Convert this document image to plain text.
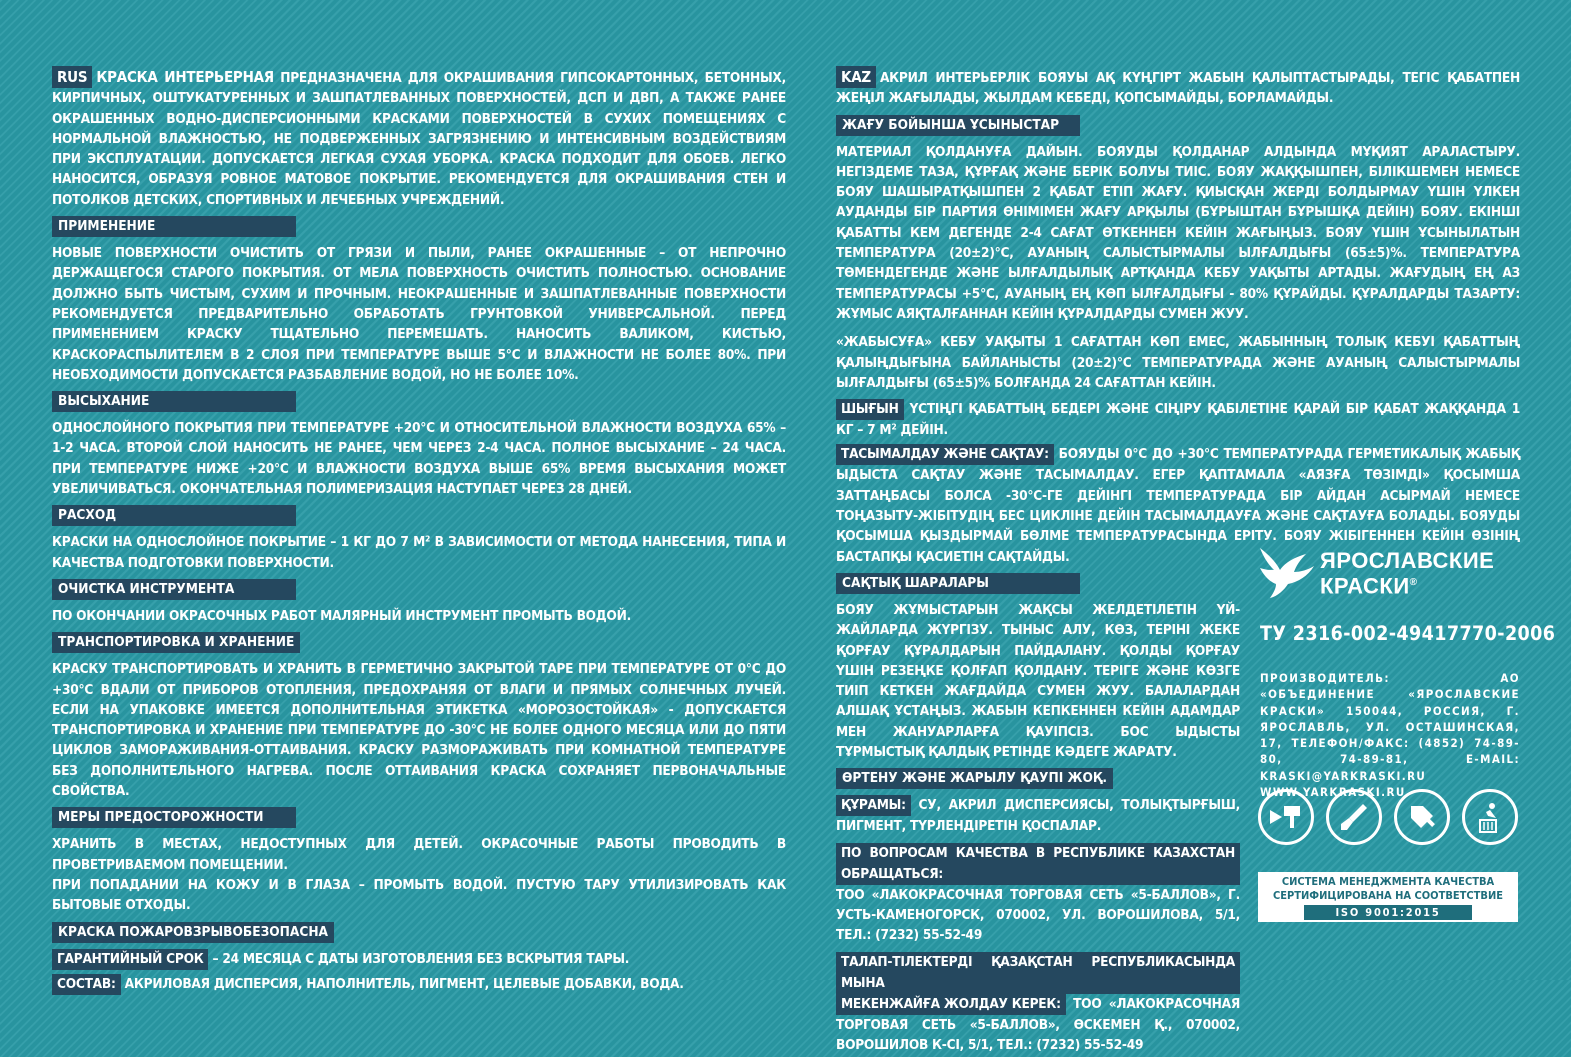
RUS КРАСКА ИНТЕРЬЕРНАЯ ПРЕДНАЗНАЧЕНА ДЛЯ ОКРАШИВАНИЯ ГИПСОКАРТОННЫХ, БЕТОННЫХ, КИРПИЧНЫХ, ОШТУКАТУРЕННЫХ И ЗАШПАТЛЕВАННЫХ ПОВЕРХНОСТЕЙ, ДСП И ДВП, А ТАКЖЕ РАНЕЕ ОКРАШЕННЫХ ВОДНО-ДИСПЕРСИОННЫМИ КРАСКАМИ ПОВЕРХНОСТЕЙ В СУХИХ ПОМЕЩЕНИЯХ С НОРМАЛЬНОЙ ВЛАЖНОСТЬЮ, НЕ ПОДВЕРЖЕННЫХ ЗАГРЯЗНЕНИЮ И ИНТЕНСИВНЫМ ВОЗДЕЙСТВИЯМ ПРИ ЭКСПЛУАТАЦИИ. ДОПУСКАЕТСЯ ЛЕГКАЯ СУХАЯ УБОРКА. КРАСКА ПОДХОДИТ ДЛЯ ОБОЕВ. ЛЕГКО НАНОСИТСЯ, ОБРАЗУЯ РОВНОЕ МАТОВОЕ ПОКРЫТИЕ. РЕКОМЕНДУЕТСЯ ДЛЯ ОКРАШИВАНИЯ СТЕН И ПОТОЛКОВ ДЕТСКИХ, СПОРТИВНЫХ И ЛЕЧЕБНЫХ УЧРЕЖДЕНИЙ.

ПРИМЕНЕНИЕ

НОВЫЕ ПОВЕРХНОСТИ ОЧИСТИТЬ ОТ ГРЯЗИ И ПЫЛИ, РАНЕЕ ОКРАШЕННЫЕ – ОТ НЕПРОЧНО ДЕРЖАЩЕГОСЯ СТАРОГО ПОКРЫТИЯ. ОТ МЕЛА ПОВЕРХНОСТЬ ОЧИСТИТЬ ПОЛНОСТЬЮ. ОСНОВАНИЕ ДОЛЖНО БЫТЬ ЧИСТЫМ, СУХИМ И ПРОЧНЫМ. НЕОКРАШЕННЫЕ И ЗАШПАТЛЕВАННЫЕ ПОВЕРХНОСТИ РЕКОМЕНДУЕТСЯ ПРЕДВАРИТЕЛЬНО ОБРАБОТАТЬ ГРУНТОВКОЙ УНИВЕРСАЛЬНОЙ. ПЕРЕД ПРИМЕНЕНИЕМ КРАСКУ ТЩАТЕЛЬНО ПЕРЕМЕШАТЬ. НАНОСИТЬ ВАЛИКОМ, КИСТЬЮ, КРАСКОРАСПЫЛИТЕЛЕМ В 2 СЛОЯ ПРИ ТЕМПЕРАТУРЕ ВЫШЕ 5°С И ВЛАЖНОСТИ НЕ БОЛЕЕ 80%. ПРИ НЕОБХОДИМОСТИ ДОПУСКАЕТСЯ РАЗБАВЛЕНИЕ ВОДОЙ, НО НЕ БОЛЕЕ 10%.

ВЫСЫХАНИЕ

ОДНОСЛОЙНОГО ПОКРЫТИЯ ПРИ ТЕМПЕРАТУРЕ +20°С И ОТНОСИТЕЛЬНОЙ ВЛАЖНОСТИ ВОЗДУХА 65% – 1-2 ЧАСА. ВТОРОЙ СЛОЙ НАНОСИТЬ НЕ РАНЕЕ, ЧЕМ ЧЕРЕЗ 2-4 ЧАСА. ПОЛНОЕ ВЫСЫХАНИЕ – 24 ЧАСА. ПРИ ТЕМПЕРАТУРЕ НИЖЕ +20°С И ВЛАЖНОСТИ ВОЗДУХА ВЫШЕ 65% ВРЕМЯ ВЫСЫХАНИЯ МОЖЕТ УВЕЛИЧИВАТЬСЯ. ОКОНЧАТЕЛЬНАЯ ПОЛИМЕРИЗАЦИЯ НАСТУПАЕТ ЧЕРЕЗ 28 ДНЕЙ.

РАСХОД

КРАСКИ НА ОДНОСЛОЙНОЕ ПОКРЫТИЕ – 1 КГ ДО 7 М² В ЗАВИСИМОСТИ ОТ МЕТОДА НАНЕСЕНИЯ, ТИПА И КАЧЕСТВА ПОДГОТОВКИ ПОВЕРХНОСТИ.

ОЧИСТКА ИНСТРУМЕНТА

ПО ОКОНЧАНИИ ОКРАСОЧНЫХ РАБОТ МАЛЯРНЫЙ ИНСТРУМЕНТ ПРОМЫТЬ ВОДОЙ.

ТРАНСПОРТИРОВКА И ХРАНЕНИЕ

КРАСКУ ТРАНСПОРТИРОВАТЬ И ХРАНИТЬ В ГЕРМЕТИЧНО ЗАКРЫТОЙ ТАРЕ ПРИ ТЕМПЕРАТУРЕ ОТ 0°С ДО +30°С ВДАЛИ ОТ ПРИБОРОВ ОТОПЛЕНИЯ, ПРЕДОХРАНЯЯ ОТ ВЛАГИ И ПРЯМЫХ СОЛНЕЧНЫХ ЛУЧЕЙ. ЕСЛИ НА УПАКОВКЕ ИМЕЕТСЯ ДОПОЛНИТЕЛЬНАЯ ЭТИКЕТКА «МОРОЗОСТОЙКАЯ» - ДОПУСКАЕТСЯ ТРАНСПОРТИРОВКА И ХРАНЕНИЕ ПРИ ТЕМПЕРАТУРЕ ДО -30°С НЕ БОЛЕЕ ОДНОГО МЕСЯЦА ИЛИ ДО ПЯТИ ЦИКЛОВ ЗАМОРАЖИВАНИЯ-ОТТАИВАНИЯ. КРАСКУ РАЗМОРАЖИВАТЬ ПРИ КОМНАТНОЙ ТЕМПЕРАТУРЕ БЕЗ ДОПОЛНИТЕЛЬНОГО НАГРЕВА. ПОСЛЕ ОТТАИВАНИЯ КРАСКА СОХРАНЯЕТ ПЕРВОНАЧАЛЬНЫЕ СВОЙСТВА.

МЕРЫ ПРЕДОСТОРОЖНОСТИ

ХРАНИТЬ В МЕСТАХ, НЕДОСТУПНЫХ ДЛЯ ДЕТЕЙ. ОКРАСОЧНЫЕ РАБОТЫ ПРОВОДИТЬ В ПРОВЕТРИВАЕМОМ ПОМЕЩЕНИИ.

ПРИ ПОПАДАНИИ НА КОЖУ И В ГЛАЗА – ПРОМЫТЬ ВОДОЙ. ПУСТУЮ ТАРУ УТИЛИЗИРОВАТЬ КАК БЫТОВЫЕ ОТХОДЫ.

КРАСКА ПОЖАРОВЗРЫВОБЕЗОПАСНА

ГАРАНТИЙНЫЙ СРОК – 24 МЕСЯЦА С ДАТЫ ИЗГОТОВЛЕНИЯ БЕЗ ВСКРЫТИЯ ТАРЫ.

СОСТАВ: АКРИЛОВАЯ ДИСПЕРСИЯ, НАПОЛНИТЕЛЬ, ПИГМЕНТ, ЦЕЛЕВЫЕ ДОБАВКИ, ВОДА.

KAZ АКРИЛ ИНТЕРЬЕРЛІК БОЯУЫ АҚ КҮҢГІРТ ЖАБЫН ҚАЛЫПТАСТЫРАДЫ, ТЕГІС ҚАБАТПЕН ЖЕҢІЛ ЖАҒЫЛАДЫ, ЖЫЛДАМ КЕБЕДІ, ҚОПСЫМАЙДЫ, БОРЛАМАЙДЫ.

ЖАҒУ БОЙЫНША ҰСЫНЫСТАР

МАТЕРИАЛ ҚОЛДАНУҒА ДАЙЫН. БОЯУДЫ ҚОЛДАНАР АЛДЫНДА МҰҚИЯТ АРАЛАСТЫРУ. НЕГІЗДЕМЕ ТАЗА, ҚҰРҒАҚ ЖӘНЕ БЕРІК БОЛУЫ ТИІС. БОЯУ ЖАҚҚЫШПЕН, БІЛІКШЕМЕН НЕМЕСЕ БОЯУ ШАШЫРАТҚЫШПЕН 2 ҚАБАТ ЕТІП ЖАҒУ. ҚИЫСҚАН ЖЕРДІ БОЛДЫРМАУ ҮШІН ҮЛКЕН АУДАНДЫ БІР ПАРТИЯ ӨНІМІМЕН ЖАҒУ АРҚЫЛЫ (БҰРЫШТАН БҰРЫШҚА ДЕЙІН) БОЯУ. ЕКІНШІ ҚАБАТТЫ КЕМ ДЕГЕНДЕ 2-4 САҒАТ ӨТКЕННЕН КЕЙІН ЖАҒЫҢЫЗ. БОЯУ ҮШІН ҰСЫНЫЛАТЫН ТЕМПЕРАТУРА (20±2)°С, АУАНЫҢ САЛЫСТЫРМАЛЫ ЫЛҒАЛДЫҒЫ (65±5)%. ТЕМПЕРАТУРА ТӨМЕНДЕГЕНДЕ ЖӘНЕ ЫЛҒАЛДЫЛЫҚ АРТҚАНДА КЕБУ УАҚЫТЫ АРТАДЫ. ЖАҒУДЫҢ ЕҢ АЗ ТЕМПЕРАТУРАСЫ +5°С, АУАНЫҢ ЕҢ КӨП ЫЛҒАЛДЫҒЫ - 80% ҚҰРАЙДЫ. ҚҰРАЛДАРДЫ ТАЗАРТУ: ЖҰМЫС АЯҚТАЛҒАННАН КЕЙІН ҚҰРАЛДАРДЫ СУМЕН ЖУУ.

«ЖАБЫСУҒА» КЕБУ УАҚЫТЫ 1 САҒАТТАН КӨП ЕМЕС, ЖАБЫННЫҢ ТОЛЫҚ КЕБУІ ҚАБАТТЫҢ ҚАЛЫҢДЫҒЫНА БАЙЛАНЫСТЫ (20±2)°С ТЕМПЕРАТУРАДА ЖӘНЕ АУАНЫҢ САЛЫСТЫРМАЛЫ ЫЛҒАЛДЫҒЫ (65±5)% БОЛҒАНДА 24 САҒАТТАН КЕЙІН.

ШЫҒЫН ҮСТІҢГІ ҚАБАТТЫҢ БЕДЕРІ ЖӘНЕ СІҢІРУ ҚАБІЛЕТІНЕ ҚАРАЙ БІР ҚАБАТ ЖАҚҚАНДА 1 КГ – 7 М² ДЕЙІН.

ТАСЫМАЛДАУ ЖӘНЕ САҚТАУ: БОЯУДЫ 0°С ДО +30°С ТЕМПЕРАТУРАДА ГЕРМЕТИКАЛЫҚ ЖАБЫҚ ЫДЫСТА САҚТАУ ЖӘНЕ ТАСЫМАЛДАУ. ЕГЕР ҚАПТАМАЛА «АЯЗҒА ТӨЗІМДІ» ҚОСЫМША ЗАТТАҢБАСЫ БОЛСА -30°С-ГЕ ДЕЙІНГІ ТЕМПЕРАТУРАДА БІР АЙДАН АСЫРМАЙ НЕМЕСЕ ТОҢАЗЫТУ-ЖІБІТУДІҢ БЕС ЦИКЛІНЕ ДЕЙІН ТАСЫМАЛДАУҒА ЖӘНЕ САҚТАУҒА БОЛАДЫ. БОЯУДЫ ҚОСЫМША ҚЫЗДЫРМАЙ БӨЛМЕ ТЕМПЕРАТУРАСЫНДА ЕРІТУ. БОЯУ ЖІБІГЕННЕН КЕЙІН ӨЗІНІҢ БАСТАПҚЫ ҚАСИЕТІН САҚТАЙДЫ.

САҚТЫҚ ШАРАЛАРЫ

БОЯУ ЖҰМЫСТАРЫН ЖАҚСЫ ЖЕЛДЕТІЛЕТІН ҮЙ-ЖАЙЛАРДА ЖҮРГІЗУ. ТЫНЫС АЛУ, КӨЗ, ТЕРIНI ЖЕКЕ ҚОРҒАУ ҚҰРАЛДАРЫН ПАЙДАЛАНУ. ҚОЛДЫ ҚОРҒАУ ҮШІН РЕЗЕҢКЕ ҚОЛҒАП ҚОЛДАНУ. ТЕРІГЕ ЖӘНЕ КӨЗГЕ ТИІП КЕТКЕН ЖАҒДАЙДА СУМЕН ЖУУ. БАЛАЛАРДАН АЛШАҚ ҰСТАҢЫЗ. ЖАБЫН КЕПКЕННЕН КЕЙІН АДАМДАР МЕН ЖАНУАРЛАРҒА ҚАУІПСІЗ. БОС ЫДЫСТЫ ТҰРМЫСТЫҚ ҚАЛДЫҚ РЕТІНДЕ КӘДЕГЕ ЖАРАТУ.

ӨРТЕНУ ЖӘНЕ ЖАРЫЛУ ҚАУПІ ЖОҚ.

ҚҰРАМЫ: СУ, АКРИЛ ДИСПЕРСИЯСЫ, ТОЛЫҚТЫРҒЫШ, ПИГМЕНТ, ТҮРЛЕНДІРЕТІН ҚОСПАЛАР.

ПО ВОПРОСАМ КАЧЕСТВА В РЕСПУБЛИКЕ КАЗАХСТАН ОБРАЩАТЬСЯ: ТОО «ЛАКОКРАСОЧНАЯ ТОРГОВАЯ СЕТЬ «5-БАЛЛОВ», Г. УСТЬ-КАМЕНОГОРСК, 070002, УЛ. ВОРОШИЛОВА, 5/1, ТЕЛ.: (7232) 55-52-49

ТАЛАП-ТІЛЕКТЕРДІ ҚАЗАҚСТАН РЕСПУБЛИКАСЫНДА МЫНА
МЕКЕНЖАЙҒА ЖОЛДАУ КЕРЕК: ТОО «ЛАКОКРАСОЧНАЯ ТОРГОВАЯ СЕТЬ «5-БАЛЛОВ», ӨСКЕМЕН Қ., 070002, ВОРОШИЛОВ К-СІ, 5/1, ТЕЛ.: (7232) 55-52-49

ЯРОСЛАВСКИЕ
КРАСКИ®
ТУ 2316-002-49417770-2006
ПРОИЗВОДИТЕЛЬ: АО «ОБЪЕДИНЕНИЕ «ЯРОСЛАВСКИЕ КРАСКИ» 150044, РОССИЯ, Г. ЯРОСЛАВЛЬ, УЛ. ОСТАШИНСКАЯ, 17, ТЕЛЕФОН/ФАКС: (4852) 74-89-80, 74-89-81, E-MAIL: KRASKI@YARKRASKI.RU
WWW.YARKRASKI.RU
СИСТЕМА МЕНЕДЖМЕНТА КАЧЕСТВА
СЕРТИФИЦИРОВАНА НА СООТВЕТСТВИЕ
ISO 9001:2015
